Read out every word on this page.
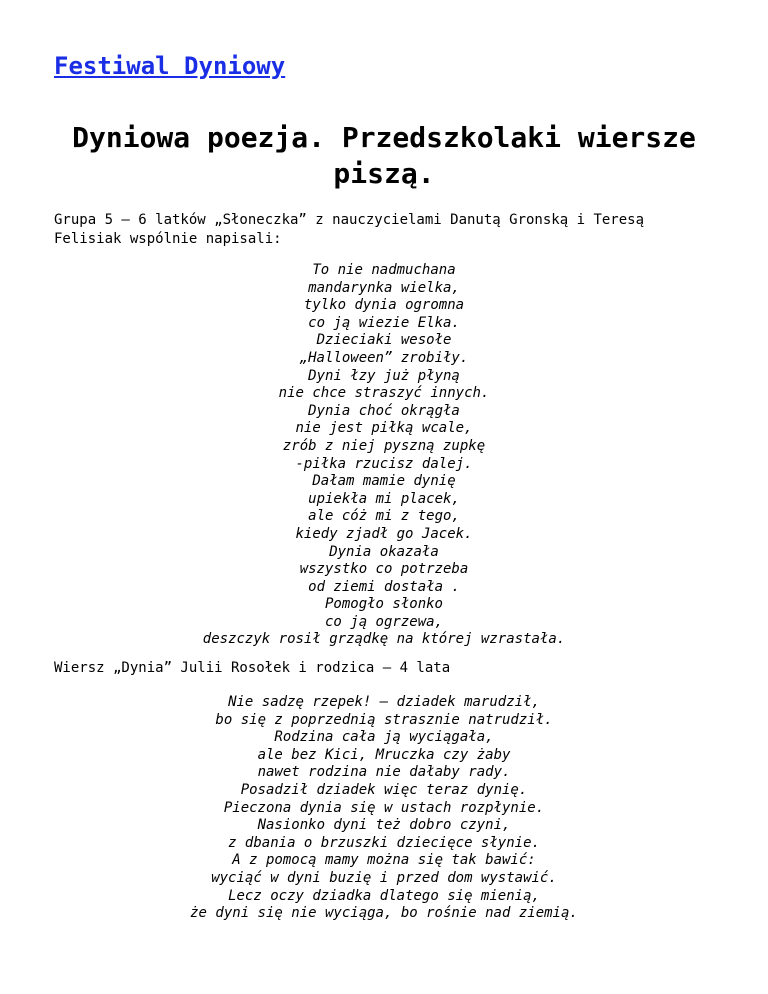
Festiwal Dyniowy
Dyniowa poezja. Przedszkolaki wiersze piszą.

Grupa 5 – 6 latków „Słoneczka” z nauczycielami Danutą Gronską i Teresą Felisiak wspólnie napisali:

To nie nadmuchana
mandarynka wielka,
tylko dynia ogromna
co ją wiezie Elka.
Dzieciaki wesołe
„Halloween” zrobiły.
Dyni łzy już płyną
nie chce straszyć innych.
Dynia choć okrągła
nie jest piłką wcale,
zrób z niej pyszną zupkę
-piłka rzucisz dalej.
Dałam mamie dynię
upiekła mi placek,
ale cóż mi z tego,
kiedy zjadł go Jacek.
Dynia okazała
wszystko co potrzeba
od ziemi dostała .
Pomogło słonko
co ją ogrzewa,
deszczyk rosił grządkę na której wzrastała.

Wiersz „Dynia” Julii Rosołek i rodzica – 4 lata

Nie sadzę rzepek! – dziadek marudził,
bo się z poprzednią strasznie natrudził.
Rodzina cała ją wyciągała,
ale bez Kici, Mruczka czy żaby
nawet rodzina nie dałaby rady.
Posadził dziadek więc teraz dynię.
Pieczona dynia się w ustach rozpłynie.
Nasionko dyni też dobro czyni,
z dbania o brzuszki dziecięce słynie.
A z pomocą mamy można się tak bawić:
wyciąć w dyni buzię i przed dom wystawić.
Lecz oczy dziadka dlatego się mienią,
że dyni się nie wyciąga, bo rośnie nad ziemią.
